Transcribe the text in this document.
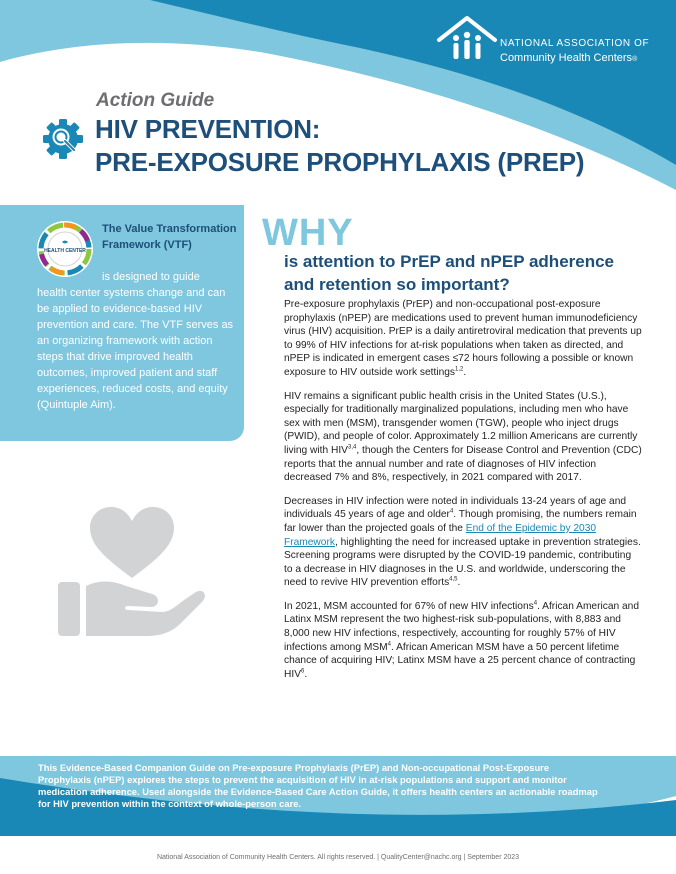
NATIONAL ASSOCIATION OF
Community Health Centers®
Action Guide
HIV PREVENTION:
PRE-EXPOSURE PROPHYLAXIS (PREP)
HEALTH CENTER
The Value Transformation Framework (VTF)
is designed to guide
health center systems change and can be applied to evidence-based HIV prevention and care. The VTF serves as an organizing framework with action steps that drive improved health outcomes, improved patient and staff experiences, reduced costs, and equity (Quintuple Aim).
WHY
is attention to PrEP and nPEP adherence and retention so important?

Pre-exposure prophylaxis (PrEP) and non-occupational post-exposure prophylaxis (nPEP) are medications used to prevent human immunodeficiency virus (HIV) acquisition. PrEP is a daily antiretroviral medication that prevents up to 99% of HIV infections for at-risk populations when taken as directed, and nPEP is indicated in emergent cases ≤72 hours following a possible or known exposure to HIV outside work settings$^{1,2}$.

HIV remains a significant public health crisis in the United States (U.S.), especially for traditionally marginalized populations, including men who have sex with men (MSM), transgender women (TGW), people who inject drugs (PWID), and people of color. Approximately 1.2 million Americans are currently living with HIV$^{3,4}$, though the Centers for Disease Control and Prevention (CDC) reports that the annual number and rate of diagnoses of HIV infection decreased 7% and 8%, respectively, in 2021 compared with 2017.

Decreases in HIV infection were noted in individuals 13-24 years of age and individuals 45 years of age and older$^4$. Though promising, the numbers remain far lower than the projected goals of the End of the Epidemic by 2030 Framework, highlighting the need for increased uptake in prevention strategies. Screening programs were disrupted by the COVID-19 pandemic, contributing to a decrease in HIV diagnoses in the U.S. and worldwide, underscoring the need to revive HIV prevention efforts$^{4,5}$.

In 2021, MSM accounted for 67% of new HIV infections$^4$. African American and Latinx MSM represent the two highest-risk sub-populations, with 8,883 and 8,000 new HIV infections, respectively, accounting for roughly 57% of HIV infections among MSM$^4$. African American MSM have a 50 percent lifetime chance of acquiring HIV; Latinx MSM have a 25 percent chance of contracting HIV$^6$.

This Evidence-Based Companion Guide on Pre-exposure Prophylaxis (PrEP) and Non-occupational Post-Exposure Prophylaxis (nPEP) explores the steps to prevent the acquisition of HIV in at-risk populations and support and monitor medication adherence. Used alongside the Evidence-Based Care Action Guide, it offers health centers an actionable roadmap for HIV prevention within the context of whole-person care.
National Association of Community Health Centers. All rights reserved. | QualityCenter@nachc.org | September 2023
